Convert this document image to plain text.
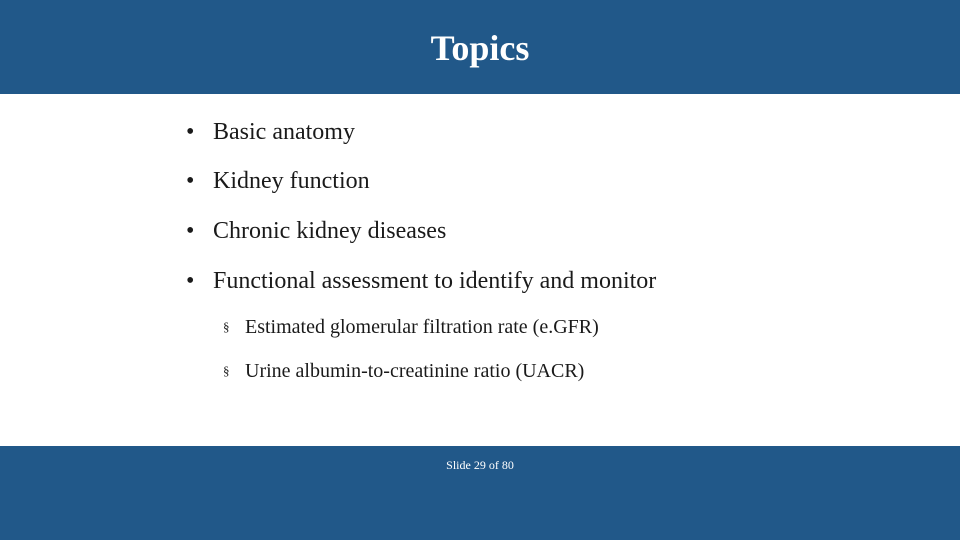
Topics
• Basic anatomy
• Kidney function
• Chronic kidney diseases
• Functional assessment to identify and monitor
§ Estimated glomerular filtration rate (e.GFR)
§ Urine albumin-to-creatinine ratio (UACR)
Slide 29 of 80
